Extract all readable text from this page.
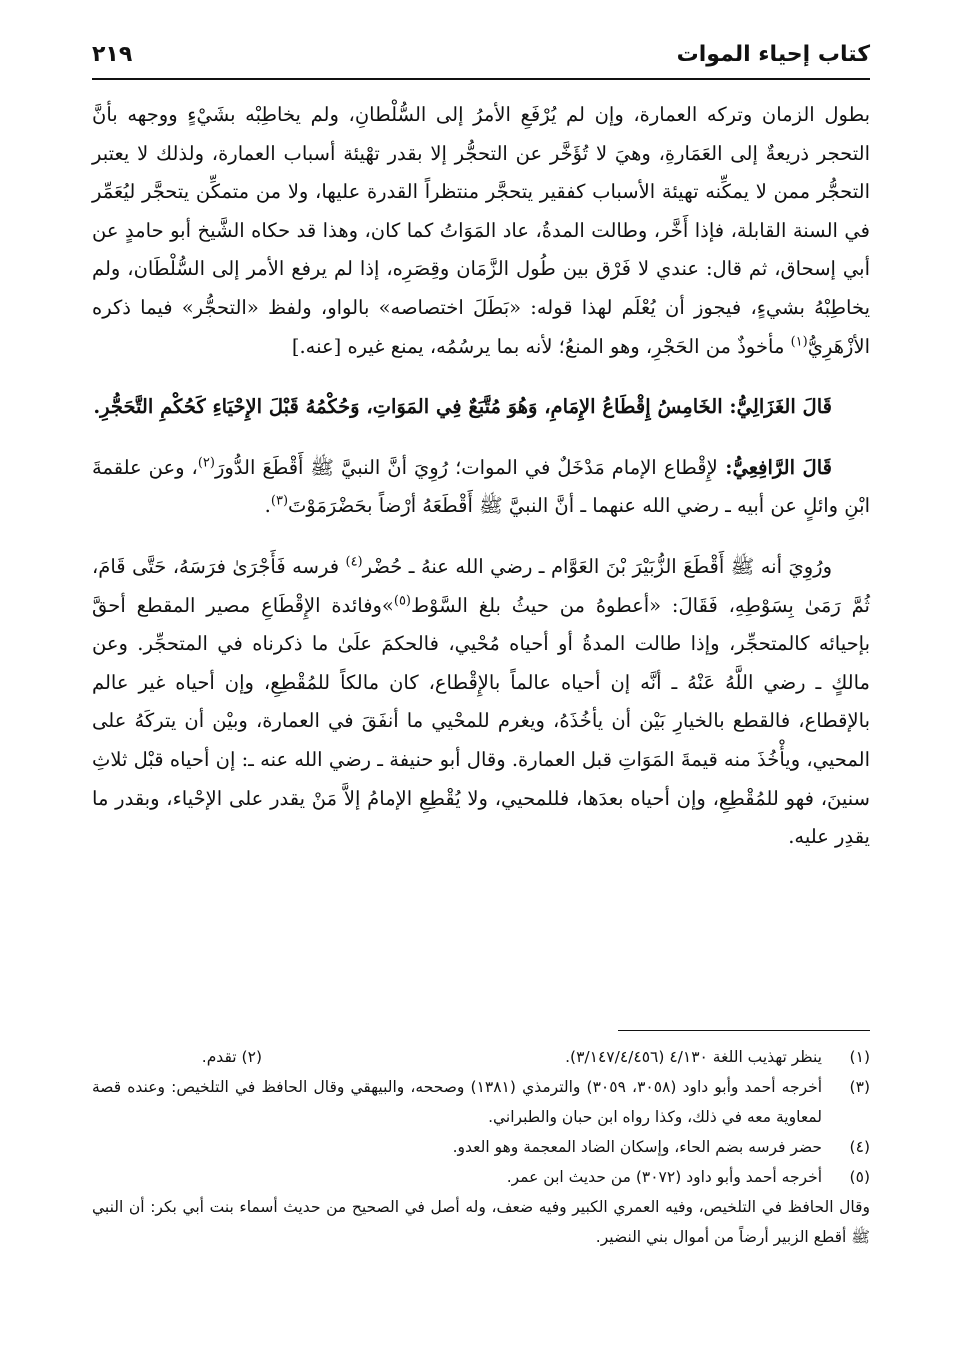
كتاب إحياء الموات
٢١٩

بطول الزمان وتركه العمارة، وإن لم يُرْفَعِ الأمرُ إلى السُّلْطانِ، ولم يخاطِبْه بشَيْءٍ ووجهه بأنَّ التحجر ذريعةٌ إلى العَمَارةِ، وهيَ لا تُؤَخَّر عن التحجُّر إلا بقدر تهْيئة أسباب العمارة، ولذلك لا يعتبر التحجُّر ممن لا يمكِّنه تهيئة الأسباب كفقير يتحجَّر منتظراً القدرة عليها، ولا من متمكِّن يتحجَّر ليُعَمِّر في السنة القابلة، فإذا أَخَّر، وطالت المدةُ، عاد المَوَاتُ كما كان، وهذا قد حكاه الشَّيخ أبو حامدٍ عن أبي إسحاق، ثم قال: عندي لا فَرْق بين طُول الزَّمَان وقِصَرِه، إذا لم يرفع الأمر إلى السُّلْطَان، ولم يخاطِبْهُ بشيءٍ، فيجوز أن يُعْلَم لهذا قوله: «بَطَلَ اختصاصه» بالواو، ولفظ «التحجُّر» فيما ذكره الأزْهَرِيُّ$^{(١)}$ مأخوذٌ من الحَجْرِ، وهو المنعُ؛ لأنه بما يرسُمُه، يمنع غيره [عنه.]

قَالَ الغَزَالِيُّ: الخَامِسُ إِقْطَاعُ الإِمَامِ، وَهُوَ مُتَّبَعٌ فِي المَوَاتِ، وَحُكْمُهُ قَبْلَ الإِحْيَاءِ كَحُكْمِ التَّحَجُّرِ.

قَالَ الرَّافِعِيُّ: لإِقْطاع الإمام مَدْخَلٌ في الموات؛ رُوِيَ أنَّ النبيَّ ﷺ أَقْطَعَ الدُّورَ$^{(٢)}$، وعن علقمةَ ابْنِ وائلٍ عن أبيه ـ رضي الله عنهما ـ أنَّ النبيَّ ﷺ أَقْطَعَهُ أرْضاً بحَضْرَمَوْتَ$^{(٣)}$.

ورُوِيَ أنه ﷺ أَقْطَعَ الزُّبَيْرَ بْنَ العَوَّام ـ رضي الله عنهُ ـ حُضْر$^{(٤)}$ فرسه فَأَجْرَىٰ فرَسَهُ، حَتَّى قَامَ، ثُمَّ رَمَىٰ بِسَوْطِهِ، فَقَالَ: «أعطوهُ من حيثُ بلغ السَّوْط$^{(٥)}$»وفائدة الإِقْطَاعِ مصير المقطع أحقَّ بإحيائه كالمتحجِّر، وإذا طالت المدةُ أو أحياه مُحْيي، فالحكمَ علَىٰ ما ذكرناه في المتحجِّر. وعن مالكٍ ـ رضي اللَّهُ عَنْهُ ـ أنَّه إن أحياه عالماً بالإِقْطاع، كان مالكاً للمُقْطِعِ، وإن أحياه غير عالم بالإقطاع، فالقطع بالخيارِ بَيْن أن يأخُذَهُ، ويغرم للمحْيي ما أنفَقَ في العمارة، وبيْن أن يتركَهُ على المحيي، ويأْخُذَ منه قيمةَ المَوَاتِ قبل العمارة. وقال أبو حنيفة ـ رضي الله عنه ـ: إن أحياه قبْل ثلاثِ سنينَ، فهو للمُقْطِعِ، وإن أحياه بعدَها، فللمحيي، ولا يُقْطِعِ الإمامُ إلاَّ مَنْ يقدر على الإحْياء، وبقدر ما يقدِر عليه.

(١)
ينظر تهذيب اللغة ٤/١٣٠ (٣/١٤٧/٤/٤٥٦).
(٢) تقدم.
(٣)
أخرجه أحمد وأبو داود (٣٠٥٨، ٣٠٥٩) والترمذي (١٣٨١) وصححه، والبيهقي وقال الحافظ في التلخيص: وعنده قصة لمعاوية معه في ذلك، وكذا رواه ابن حبان والطبراني.
(٤)
حضر فرسه بضم الحاء، وإسكان الضاد المعجمة وهو العدو.
(٥)
أخرجه أحمد وأبو داود (٣٠٧٢) من حديث ابن عمر.
وقال الحافظ في التلخيص، وفيه العمري الكبير وفيه ضعف، وله أصل في الصحيح من حديث أسماء بنت أبي بكر: أن النبي ﷺ أقطع الزبير أرضاً من أموال بني النضير.
